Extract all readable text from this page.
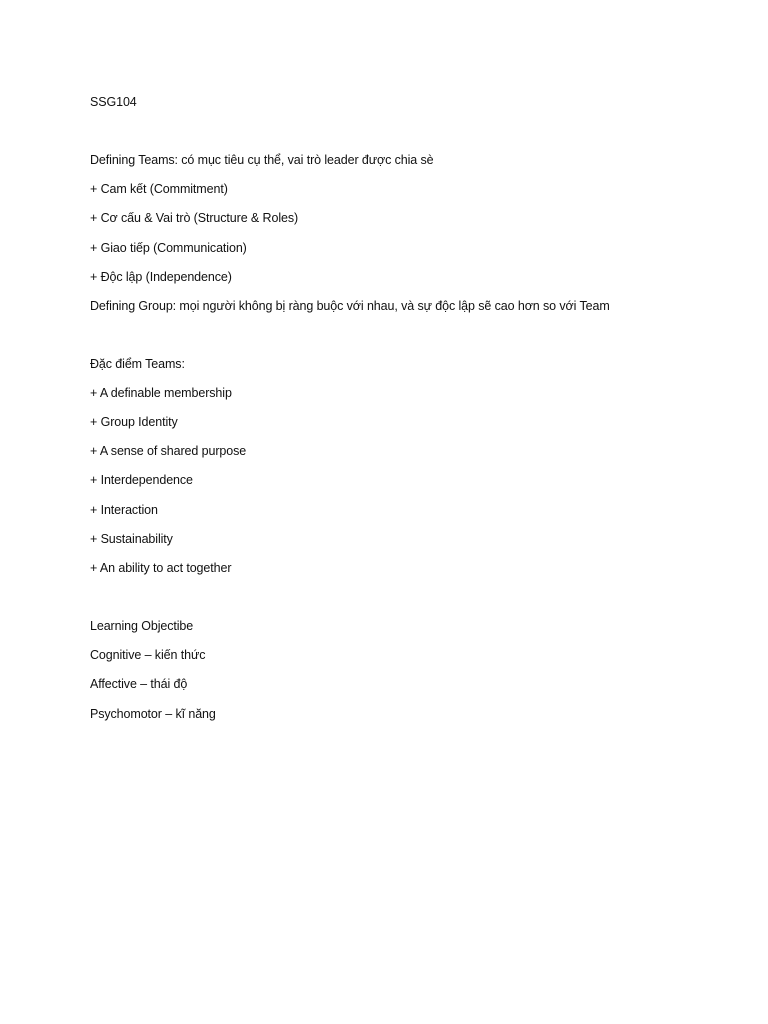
SSG104
Defining Teams: có mục tiêu cụ thể, vai trò leader được chia sè
+ Cam kết (Commitment)
+ Cơ cấu & Vai trò (Structure & Roles)
+ Giao tiếp (Communication)
+ Độc lập (Independence)
Defining Group: mọi người không bị ràng buộc với nhau, và sự độc lập sẽ cao hơn so với Team
Đặc điểm Teams:
+ A definable membership
+ Group Identity
+ A sense of shared purpose
+ Interdependence
+ Interaction
+ Sustainability
+ An ability to act together
Learning Objectibe
Cognitive – kiến thức
Affective – thái độ
Psychomotor – kĩ năng
